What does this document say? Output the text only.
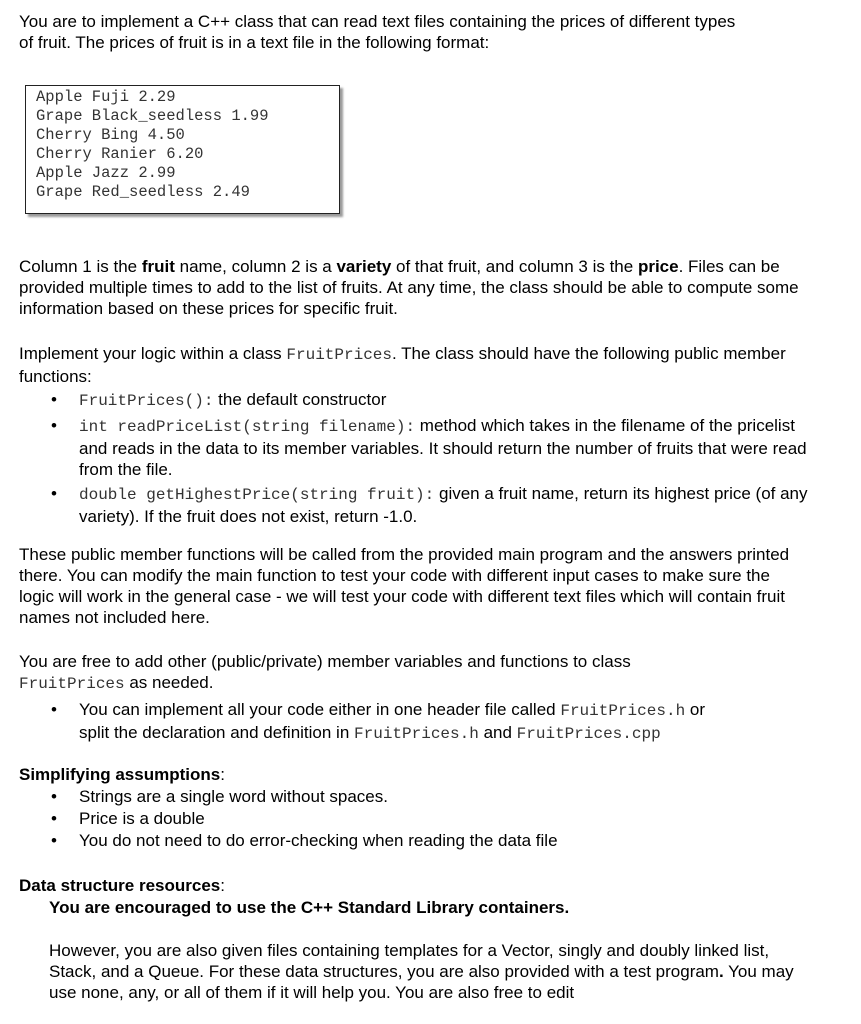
You are to implement a C++ class that can read text files containing the prices of different types

of fruit. The prices of fruit is in a text file in the following format:

Apple Fuji 2.29
Grape Black_seedless 1.99
Cherry Bing 4.50
Cherry Ranier 6.20
Apple Jazz 2.99
Grape Red_seedless 2.49

Column 1 is the fruit name, column 2 is a variety of that fruit, and column 3 is the price. Files can be provided multiple times to add to the list of fruits. At any time, the class should be able to compute some information based on these prices for specific fruit.

Implement your logic within a class FruitPrices. The class should have the following public member functions:

• FruitPrices(): the default constructor
• int readPriceList(string filename): method which takes in the filename of the pricelist and reads in the data to its member variables. It should return the number of fruits that were read from the file.
• double getHighestPrice(string fruit): given a fruit name, return its highest price (of any variety). If the fruit does not exist, return -1.0.

These public member functions will be called from the provided main program and the answers printed there. You can modify the main function to test your code with different input cases to make sure the logic will work in the general case - we will test your code with different text files which will contain fruit names not included here.

You are free to add other (public/private) member variables and functions to class FruitPrices as needed.

• You can implement all your code either in one header file called FruitPrices.h or split the declaration and definition in FruitPrices.h and FruitPrices.cpp

Simplifying assumptions:

• Strings are a single word without spaces.
• Price is a double
• You do not need to do error-checking when reading the data file

Data structure resources:

You are encouraged to use the C++ Standard Library containers.

However, you are also given files containing templates for a Vector, singly and doubly linked list, Stack, and a Queue. For these data structures, you are also provided with a test program. You may use none, any, or all of them if it will help you. You are also free to edit
